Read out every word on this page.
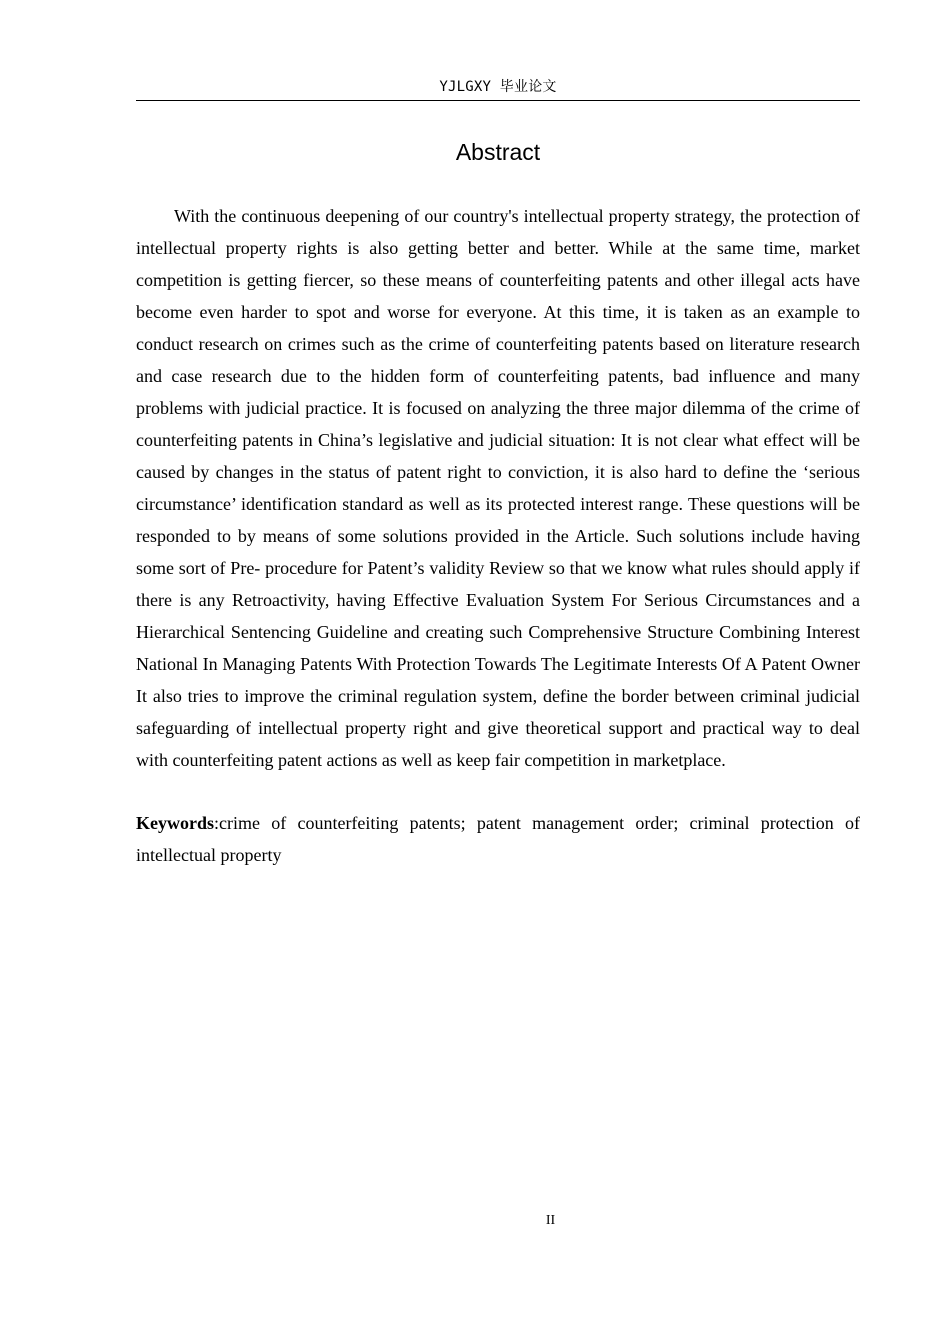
YJLGXY 毕业论文
Abstract

With the continuous deepening of our country's intellectual property strategy, the protection of intellectual property rights is also getting better and better. While at the same time, market competition is getting fiercer, so these means of counterfeiting patents and other illegal acts have become even harder to spot and worse for everyone. At this time, it is taken as an example to conduct research on crimes such as the crime of counterfeiting patents based on literature research and case research due to the hidden form of counterfeiting patents, bad influence and many problems with judicial practice. It is focused on analyzing the three major dilemma of the crime of counterfeiting patents in China’s legislative and judicial situation: It is not clear what effect will be caused by changes in the status of patent right to conviction, it is also hard to define the ‘serious circumstance’ identification standard as well as its protected interest range. These questions will be responded to by means of some solutions provided in the Article. Such solutions include having some sort of Pre- procedure for Patent’s validity Review so that we know what rules should apply if there is any Retroactivity, having Effective Evaluation System For Serious Circumstances and a Hierarchical Sentencing Guideline and creating such Comprehensive Structure Combining Interest National In Managing Patents With Protection Towards The Legitimate Interests Of A Patent Owner It also tries to improve the criminal regulation system, define the border between criminal judicial safeguarding of intellectual property right and give theoretical support and practical way to deal with counterfeiting patent actions as well as keep fair competition in marketplace.

Keywords:crime of counterfeiting patents; patent management order; criminal protection of intellectual property

II
